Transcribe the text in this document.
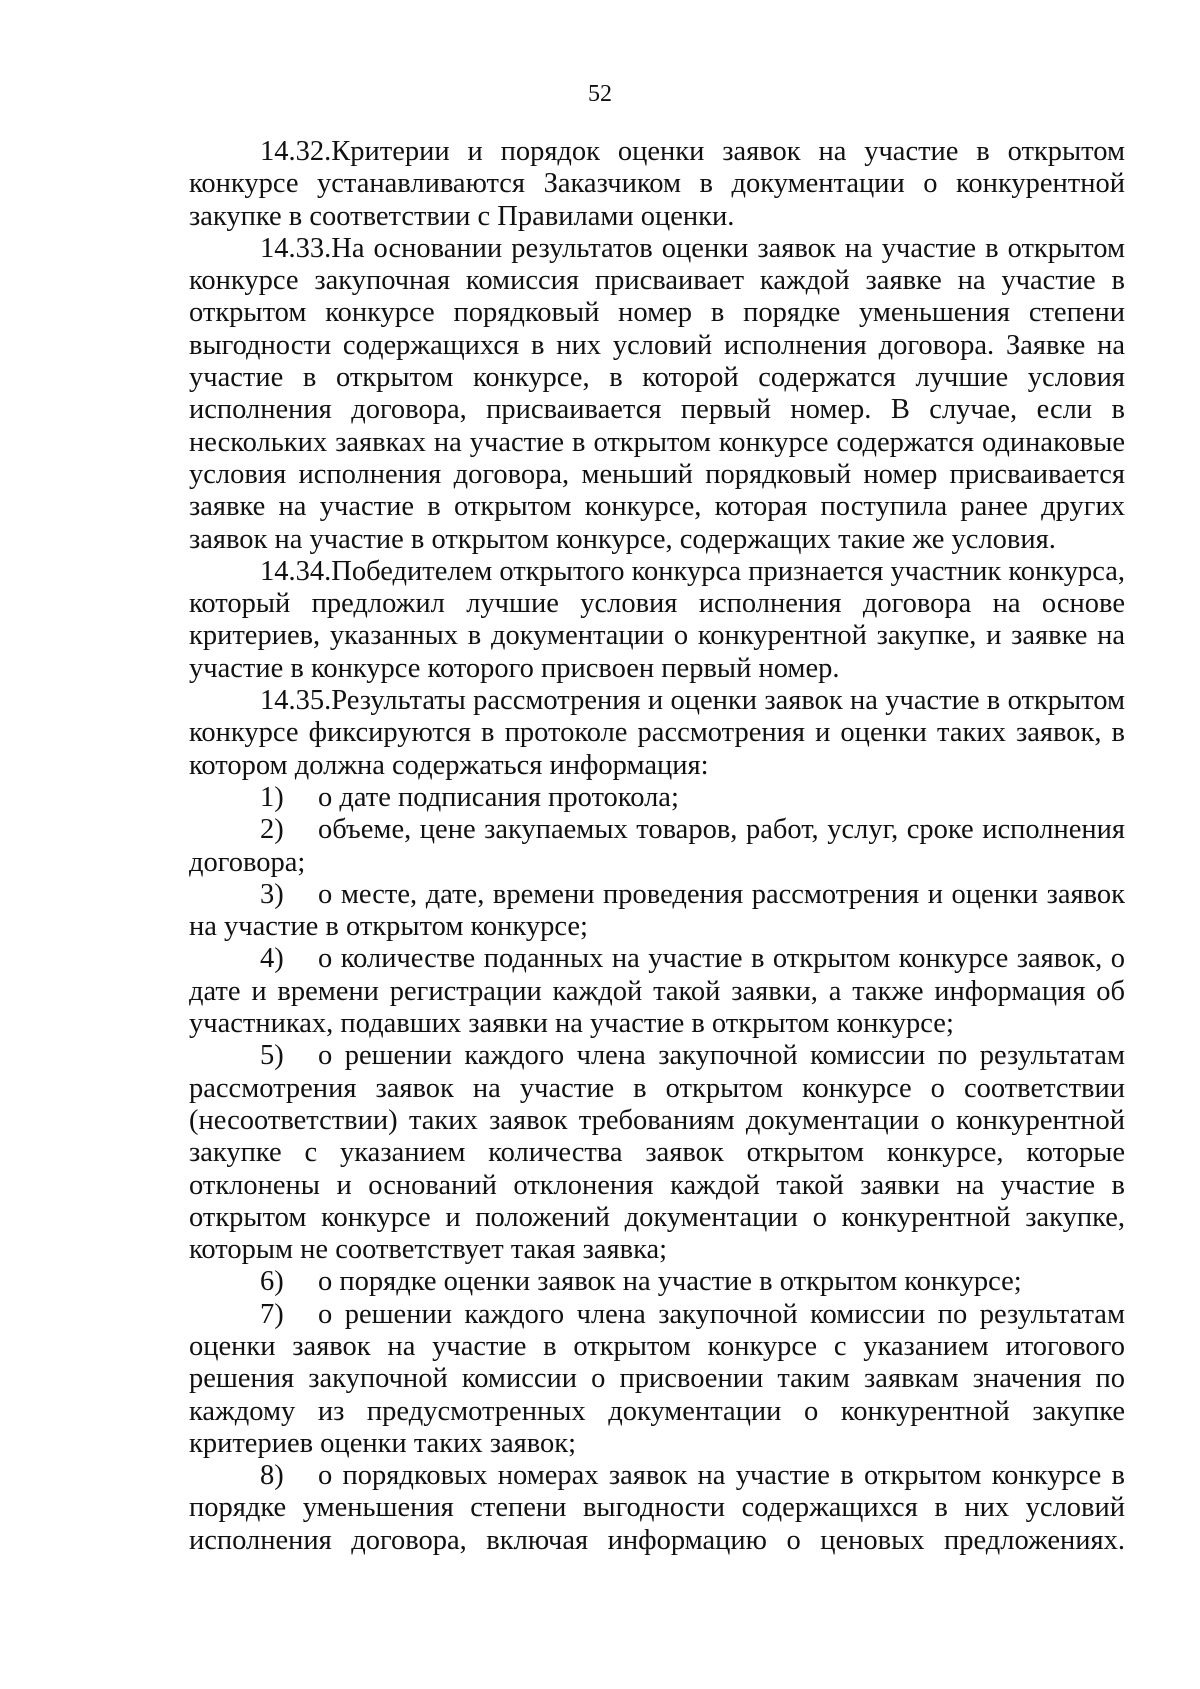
52

14.32.Критерии и порядок оценки заявок на участие в открытом конкурсе устанавливаются Заказчиком в документации о конкурентной закупке в соответствии с Правилами оценки.

14.33.На основании результатов оценки заявок на участие в открытом конкурсе закупочная комиссия присваивает каждой заявке на участие в открытом конкурсе порядковый номер в порядке уменьшения степени выгодности содержащихся в них условий исполнения договора. Заявке на участие в открытом конкурсе, в которой содержатся лучшие условия исполнения договора, присваивается первый номер. В случае, если в нескольких заявках на участие в открытом конкурсе содержатся одинаковые условия исполнения договора, меньший порядковый номер присваивается заявке на участие в открытом конкурсе, которая поступила ранее других заявок на участие в открытом конкурсе, содержащих такие же условия.

14.34.Победителем открытого конкурса признается участник конкурса, который предложил лучшие условия исполнения договора на основе критериев, указанных в документации о конкурентной закупке, и заявке на участие в конкурсе которого присвоен первый номер.

14.35.Результаты рассмотрения и оценки заявок на участие в открытом конкурсе фиксируются в протоколе рассмотрения и оценки таких заявок, в котором должна содержаться информация:

1) о дате подписания протокола;

2) объеме, цене закупаемых товаров, работ, услуг, сроке исполнения договора;

3) о месте, дате, времени проведения рассмотрения и оценки заявок на участие в открытом конкурсе;

4) о количестве поданных на участие в открытом конкурсе заявок, о дате и времени регистрации каждой такой заявки, а также информация об участниках, подавших заявки на участие в открытом конкурсе;

5) о решении каждого члена закупочной комиссии по результатам рассмотрения заявок на участие в открытом конкурсе о соответствии (несоответствии) таких заявок требованиям документации о конкурентной закупке с указанием количества заявок открытом конкурсе, которые отклонены и оснований отклонения каждой такой заявки на участие в открытом конкурсе и положений документации о конкурентной закупке, которым не соответствует такая заявка;

6) о порядке оценки заявок на участие в открытом конкурсе;

7) о решении каждого члена закупочной комиссии по результатам оценки заявок на участие в открытом конкурсе с указанием итогового решения закупочной комиссии о присвоении таким заявкам значения по каждому из предусмотренных документации о конкурентной закупке критериев оценки таких заявок;

8) о порядковых номерах заявок на участие в открытом конкурсе в порядке уменьшения степени выгодности содержащихся в них условий исполнения договора, включая информацию о ценовых предложениях.
